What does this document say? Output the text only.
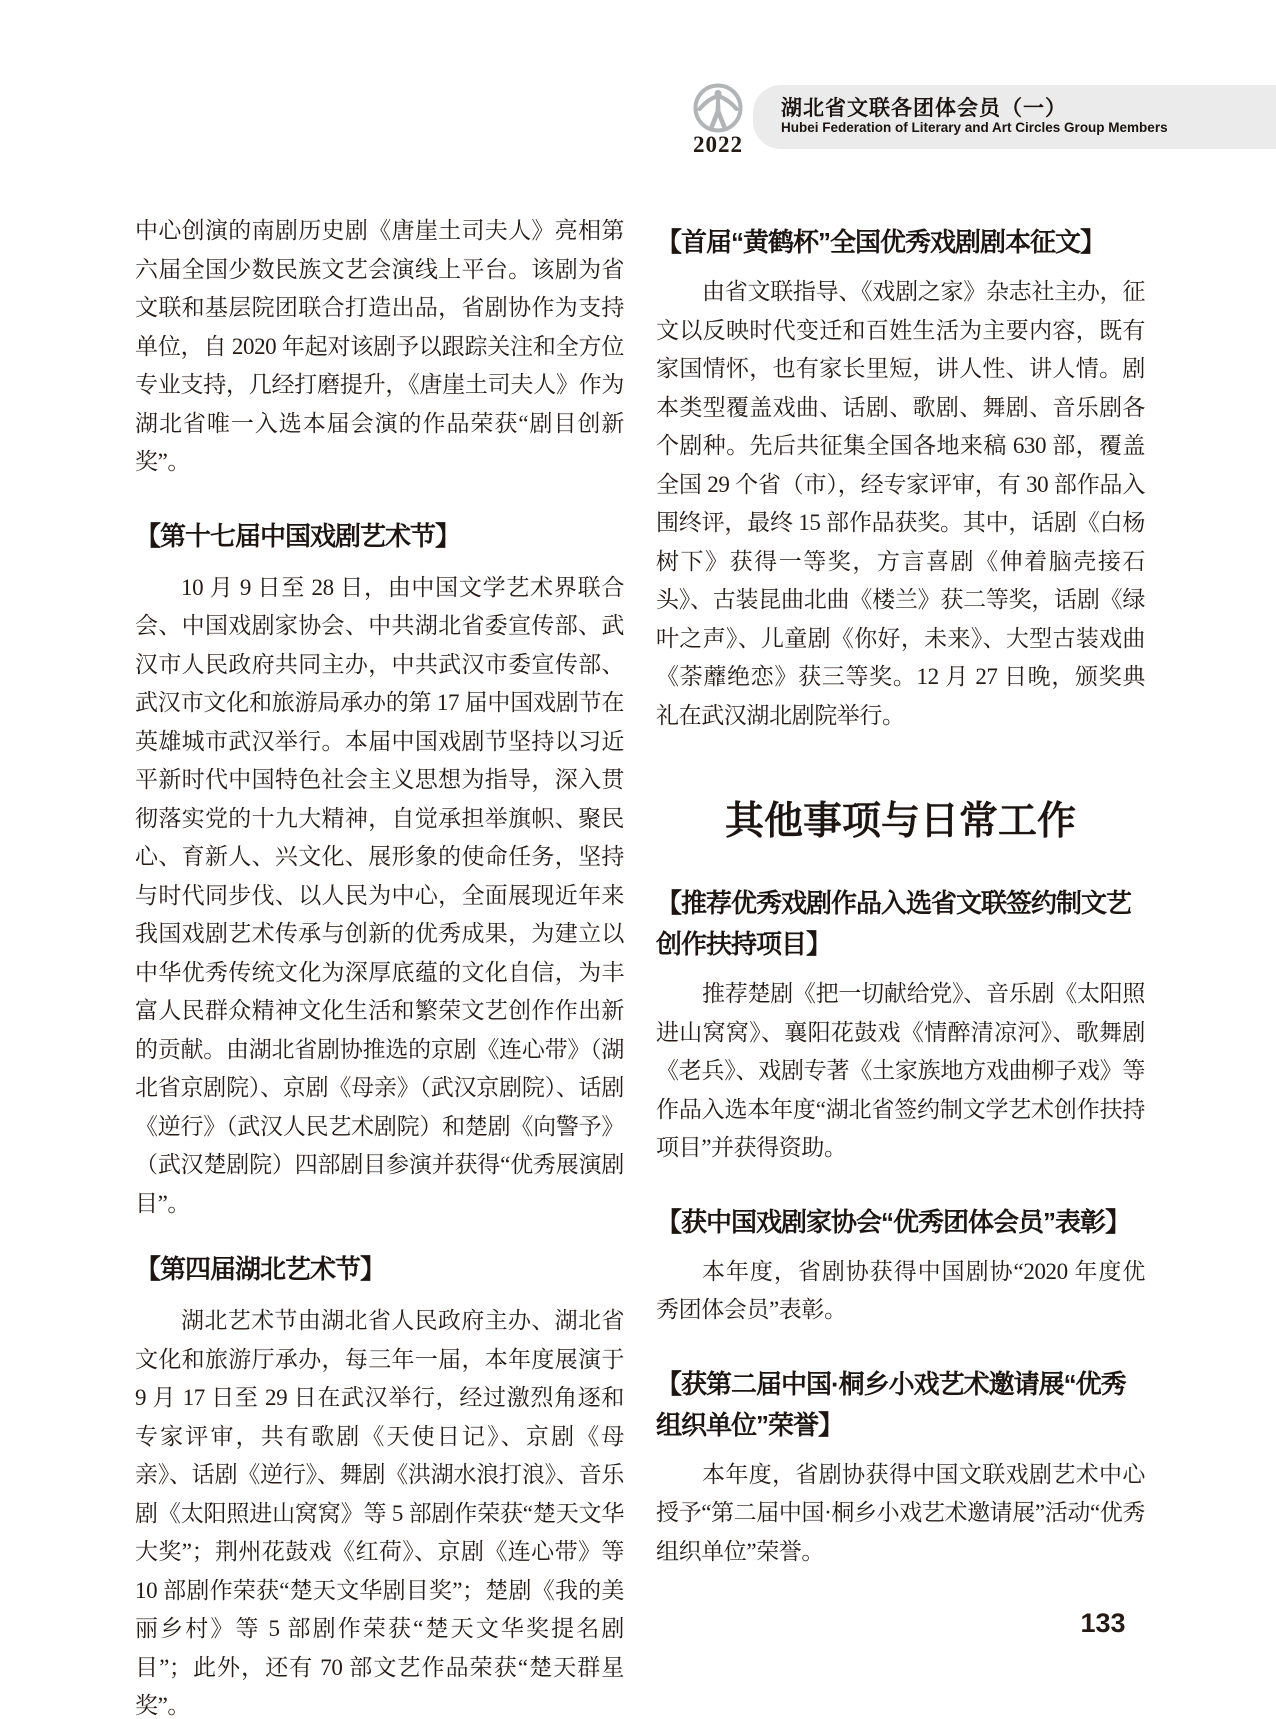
2022
湖北省文联各团体会员（一）
Hubei Federation of Literary and Art Circles Group Members

中心创演的南剧历史剧《唐崖土司夫人》亮相第六届全国少数民族文艺会演线上平台。该剧为省文联和基层院团联合打造出品，省剧协作为支持单位，自 2020 年起对该剧予以跟踪关注和全方位专业支持，几经打磨提升，《唐崖土司夫人》作为湖北省唯一入选本届会演的作品荣获“剧目创新奖”。

【第十七届中国戏剧艺术节】

10 月 9 日至 28 日，由中国文学艺术界联合会、中国戏剧家协会、中共湖北省委宣传部、武汉市人民政府共同主办，中共武汉市委宣传部、武汉市文化和旅游局承办的第 17 届中国戏剧节在英雄城市武汉举行。本届中国戏剧节坚持以习近平新时代中国特色社会主义思想为指导，深入贯彻落实党的十九大精神，自觉承担举旗帜、聚民心、育新人、兴文化、展形象的使命任务，坚持与时代同步伐、以人民为中心，全面展现近年来我国戏剧艺术传承与创新的优秀成果，为建立以中华优秀传统文化为深厚底蕴的文化自信，为丰富人民群众精神文化生活和繁荣文艺创作作出新的贡献。由湖北省剧协推选的京剧《连心带》（湖北省京剧院）、京剧《母亲》（武汉京剧院）、话剧《逆行》（武汉人民艺术剧院）和楚剧《向警予》（武汉楚剧院）四部剧目参演并获得“优秀展演剧目”。

【第四届湖北艺术节】

湖北艺术节由湖北省人民政府主办、湖北省文化和旅游厅承办，每三年一届，本年度展演于 9 月 17 日至 29 日在武汉举行，经过激烈角逐和专家评审，共有歌剧《天使日记》、京剧《母亲》、话剧《逆行》、舞剧《洪湖水浪打浪》、音乐剧《太阳照进山窝窝》等 5 部剧作荣获“楚天文华大奖”；荆州花鼓戏《红荷》、京剧《连心带》等 10 部剧作荣获“楚天文华剧目奖”；楚剧《我的美丽乡村》等 5 部剧作荣获“楚天文华奖提名剧目”；此外，还有 70 部文艺作品荣获“楚天群星奖”。

【首届“黄鹤杯”全国优秀戏剧剧本征文】

由省文联指导、《戏剧之家》杂志社主办，征文以反映时代变迁和百姓生活为主要内容，既有家国情怀，也有家长里短，讲人性、讲人情。剧本类型覆盖戏曲、话剧、歌剧、舞剧、音乐剧各个剧种。先后共征集全国各地来稿 630 部，覆盖全国 29 个省（市），经专家评审，有 30 部作品入围终评，最终 15 部作品获奖。其中，话剧《白杨树下》获得一等奖，方言喜剧《伸着脑壳接石头》、古装昆曲北曲《楼兰》获二等奖，话剧《绿叶之声》、儿童剧《你好，未来》、大型古装戏曲《荼蘼绝恋》获三等奖。12 月 27 日晚，颁奖典礼在武汉湖北剧院举行。

其他事项与日常工作
【推荐优秀戏剧作品入选省文联签约制文艺创作扶持项目】

推荐楚剧《把一切献给党》、音乐剧《太阳照进山窝窝》、襄阳花鼓戏《情醉清凉河》、歌舞剧《老兵》、戏剧专著《土家族地方戏曲柳子戏》等作品入选本年度“湖北省签约制文学艺术创作扶持项目”并获得资助。

【获中国戏剧家协会“优秀团体会员”表彰】

本年度，省剧协获得中国剧协“2020 年度优秀团体会员”表彰。

【获第二届中国·桐乡小戏艺术邀请展“优秀组织单位”荣誉】

本年度，省剧协获得中国文联戏剧艺术中心授予“第二届中国·桐乡小戏艺术邀请展”活动“优秀组织单位”荣誉。

133
